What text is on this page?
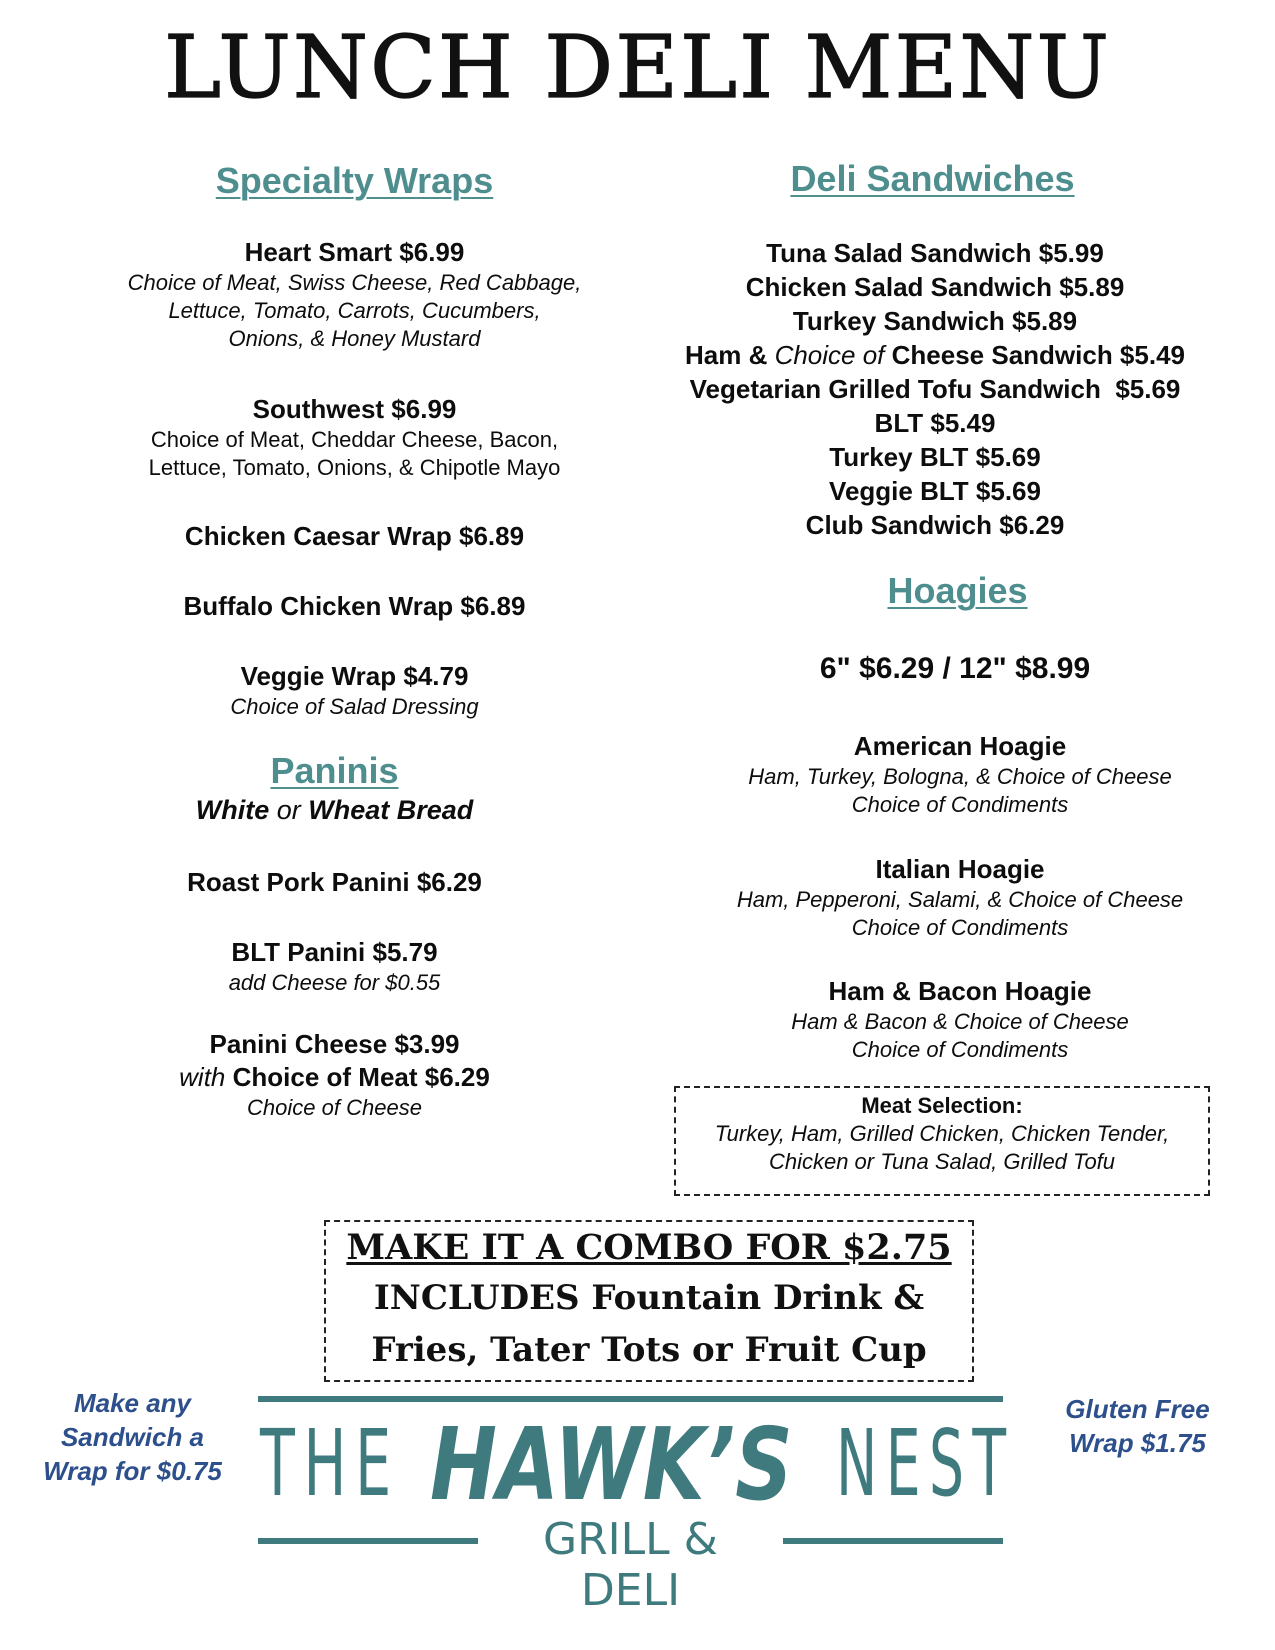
LUNCH DELI MENU
Specialty Wraps
Heart Smart $6.99
Choice of Meat, Swiss Cheese, Red Cabbage,
Lettuce, Tomato, Carrots, Cucumbers,
Onions, & Honey Mustard
Southwest $6.99
Choice of Meat, Cheddar Cheese, Bacon,
Lettuce, Tomato, Onions, & Chipotle Mayo
Chicken Caesar Wrap $6.89
Buffalo Chicken Wrap $6.89
Veggie Wrap $4.79
Choice of Salad Dressing
Paninis
White or Wheat Bread
Roast Pork Panini $6.29
BLT Panini $5.79
add Cheese for $0.55
Panini Cheese $3.99
with Choice of Meat $6.29
Choice of Cheese
Deli Sandwiches
Tuna Salad Sandwich $5.99
Chicken Salad Sandwich $5.89
Turkey Sandwich $5.89
Ham & Choice of Cheese Sandwich $5.49
Vegetarian Grilled Tofu Sandwich  $5.69
BLT $5.49
Turkey BLT $5.69
Veggie BLT $5.69
Club Sandwich $6.29
Hoagies
6" $6.29 / 12" $8.99
American Hoagie
Ham, Turkey, Bologna, & Choice of Cheese
Choice of Condiments
Italian Hoagie
Ham, Pepperoni, Salami, & Choice of Cheese
Choice of Condiments
Ham & Bacon Hoagie
Ham & Bacon & Choice of Cheese
Choice of Condiments
Meat Selection:
Turkey, Ham, Grilled Chicken, Chicken Tender,
Chicken or Tuna Salad, Grilled Tofu
MAKE IT A COMBO FOR $2.75
INCLUDES Fountain Drink &
Fries, Tater Tots or Fruit Cup
Make any
Sandwich a
Wrap for $0.75
Gluten Free
Wrap $1.75
THE HAWK’S NEST
GRILL & DELI
